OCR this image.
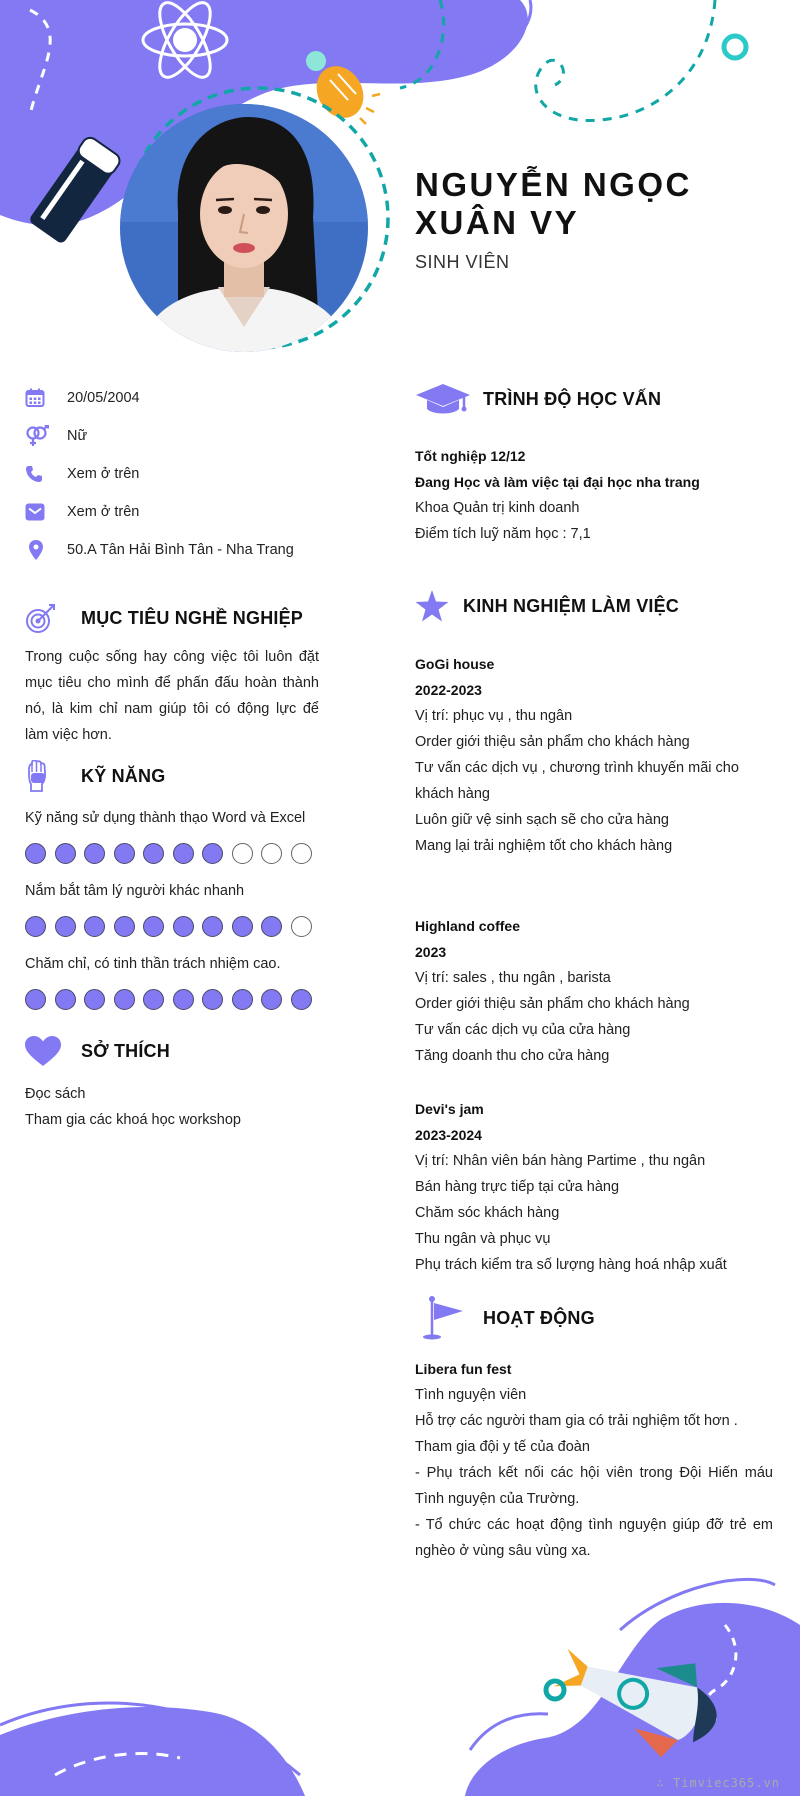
NGUYỄN NGỌC XUÂN VY
SINH VIÊN
20/05/2004
Nữ
Xem ở trên
Xem ở trên
50.A Tân Hải Bình Tân - Nha Trang
MỤC TIÊU NGHỀ NGHIỆP
Trong cuộc sống hay công việc tôi luôn đặt mục tiêu cho mình để phấn đấu hoàn thành nó, là kim chỉ nam giúp tôi có động lực để làm việc hơn.
KỸ NĂNG
Kỹ năng sử dụng thành thạo Word và Excel
Nắm bắt tâm lý người khác nhanh
Chăm chỉ, có tinh thần trách nhiệm cao.
SỞ THÍCH
Đọc sách
Tham gia các khoá học workshop
TRÌNH ĐỘ HỌC VẤN
Tốt nghiệp 12/12
Đang Học và làm việc tại đại học nha trang
Khoa Quản trị kinh doanh
Điểm tích luỹ năm học : 7,1
KINH NGHIỆM LÀM VIỆC
GoGi house
2022-2023
Vị trí: phục vụ , thu ngân
Order giới thiệu sản phẩm cho khách hàng
Tư vấn các dịch vụ , chương trình khuyến mãi cho khách hàng
Luôn giữ vệ sinh sạch sẽ cho cửa hàng
Mang lại trải nghiệm tốt cho khách hàng
Highland coffee
2023
Vị trí: sales , thu ngân , barista
Order giới thiệu sản phẩm cho khách hàng
Tư vấn các dịch vụ của cửa hàng
Tăng doanh thu cho cửa hàng
Devi's jam
2023-2024
Vị trí: Nhân viên bán hàng Partime , thu ngân
Bán hàng trực tiếp tại cửa hàng
Chăm sóc khách hàng
Thu ngân và phục vụ
Phụ trách kiểm tra số lượng hàng hoá nhập xuất
HOẠT ĐỘNG
Libera fun fest
Tình nguyện viên
Hỗ trợ các người tham gia có trải nghiệm tốt hơn .
Tham gia đội y tế của đoàn
- Phụ trách kết nối các hội viên trong Đội Hiến máu Tình nguyện của Trường.
- Tổ chức các hoạt động tình nguyện giúp đỡ trẻ em nghèo ở vùng sâu vùng xa.
∴ Timviec365.vn
